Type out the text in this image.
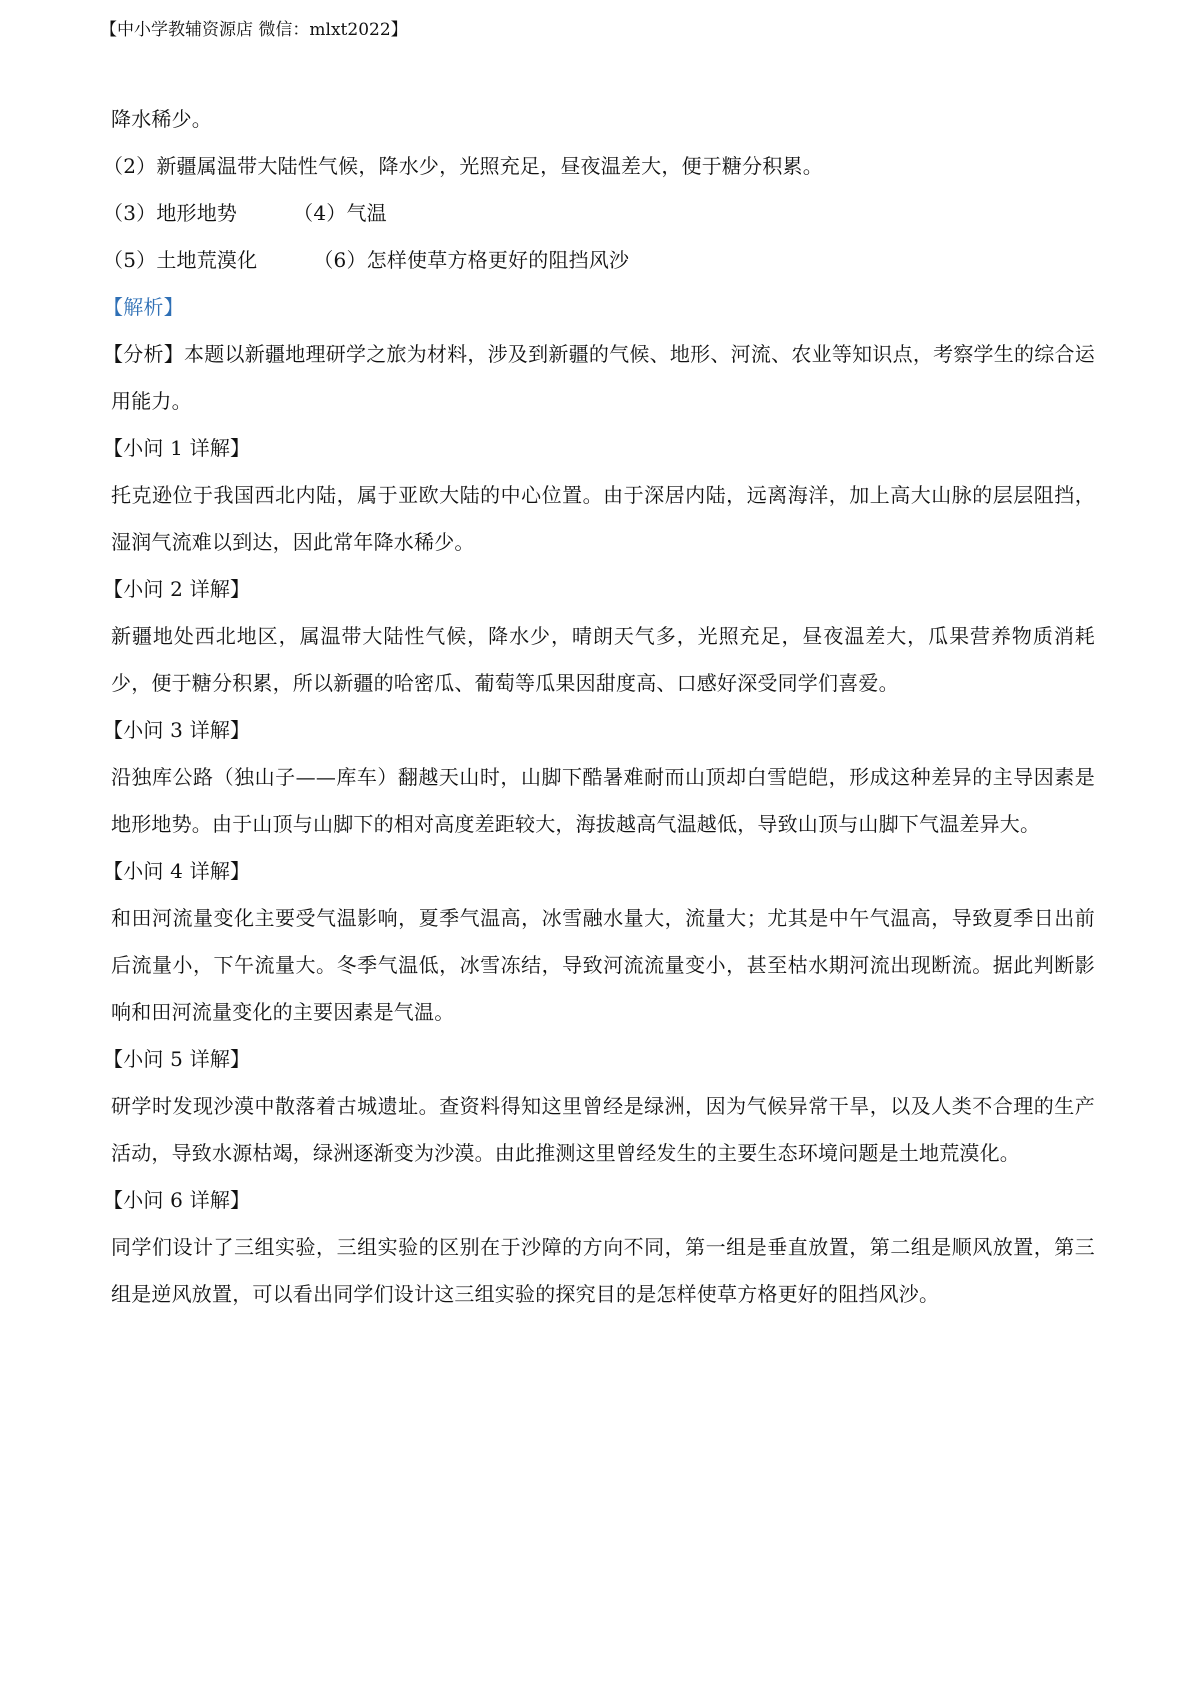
【中小学教辅资源店 微信：mlxt2022】

降水稀少。

（2）新疆属温带大陆性气候，降水少，光照充足，昼夜温差大，便于糖分积累。

（3）地形地势	（4）气温

（5）土地荒漠化	（6）怎样使草方格更好的阻挡风沙

【解析】

【分析】本题以新疆地理研学之旅为材料，涉及到新疆的气候、地形、河流、农业等知识点，考察学生的综合运用能力。

【小问 1 详解】

托克逊位于我国西北内陆，属于亚欧大陆的中心位置。由于深居内陆，远离海洋，加上高大山脉的层层阻挡，湿润气流难以到达，因此常年降水稀少。

【小问 2 详解】

新疆地处西北地区，属温带大陆性气候，降水少，晴朗天气多，光照充足，昼夜温差大，瓜果营养物质消耗少，便于糖分积累，所以新疆的哈密瓜、葡萄等瓜果因甜度高、口感好深受同学们喜爱。

【小问 3 详解】

沿独库公路（独山子——库车）翻越天山时，山脚下酷暑难耐而山顶却白雪皑皑，形成这种差异的主导因素是地形地势。由于山顶与山脚下的相对高度差距较大，海拔越高气温越低，导致山顶与山脚下气温差异大。

【小问 4 详解】

和田河流量变化主要受气温影响，夏季气温高，冰雪融水量大，流量大；尤其是中午气温高，导致夏季日出前后流量小，下午流量大。冬季气温低，冰雪冻结，导致河流流量变小，甚至枯水期河流出现断流。据此判断影响和田河流量变化的主要因素是气温。

【小问 5 详解】

研学时发现沙漠中散落着古城遗址。查资料得知这里曾经是绿洲，因为气候异常干旱，以及人类不合理的生产活动，导致水源枯竭，绿洲逐渐变为沙漠。由此推测这里曾经发生的主要生态环境问题是土地荒漠化。

【小问 6 详解】

同学们设计了三组实验，三组实验的区别在于沙障的方向不同，第一组是垂直放置，第二组是顺风放置，第三组是逆风放置，可以看出同学们设计这三组实验的探究目的是怎样使草方格更好的阻挡风沙。
